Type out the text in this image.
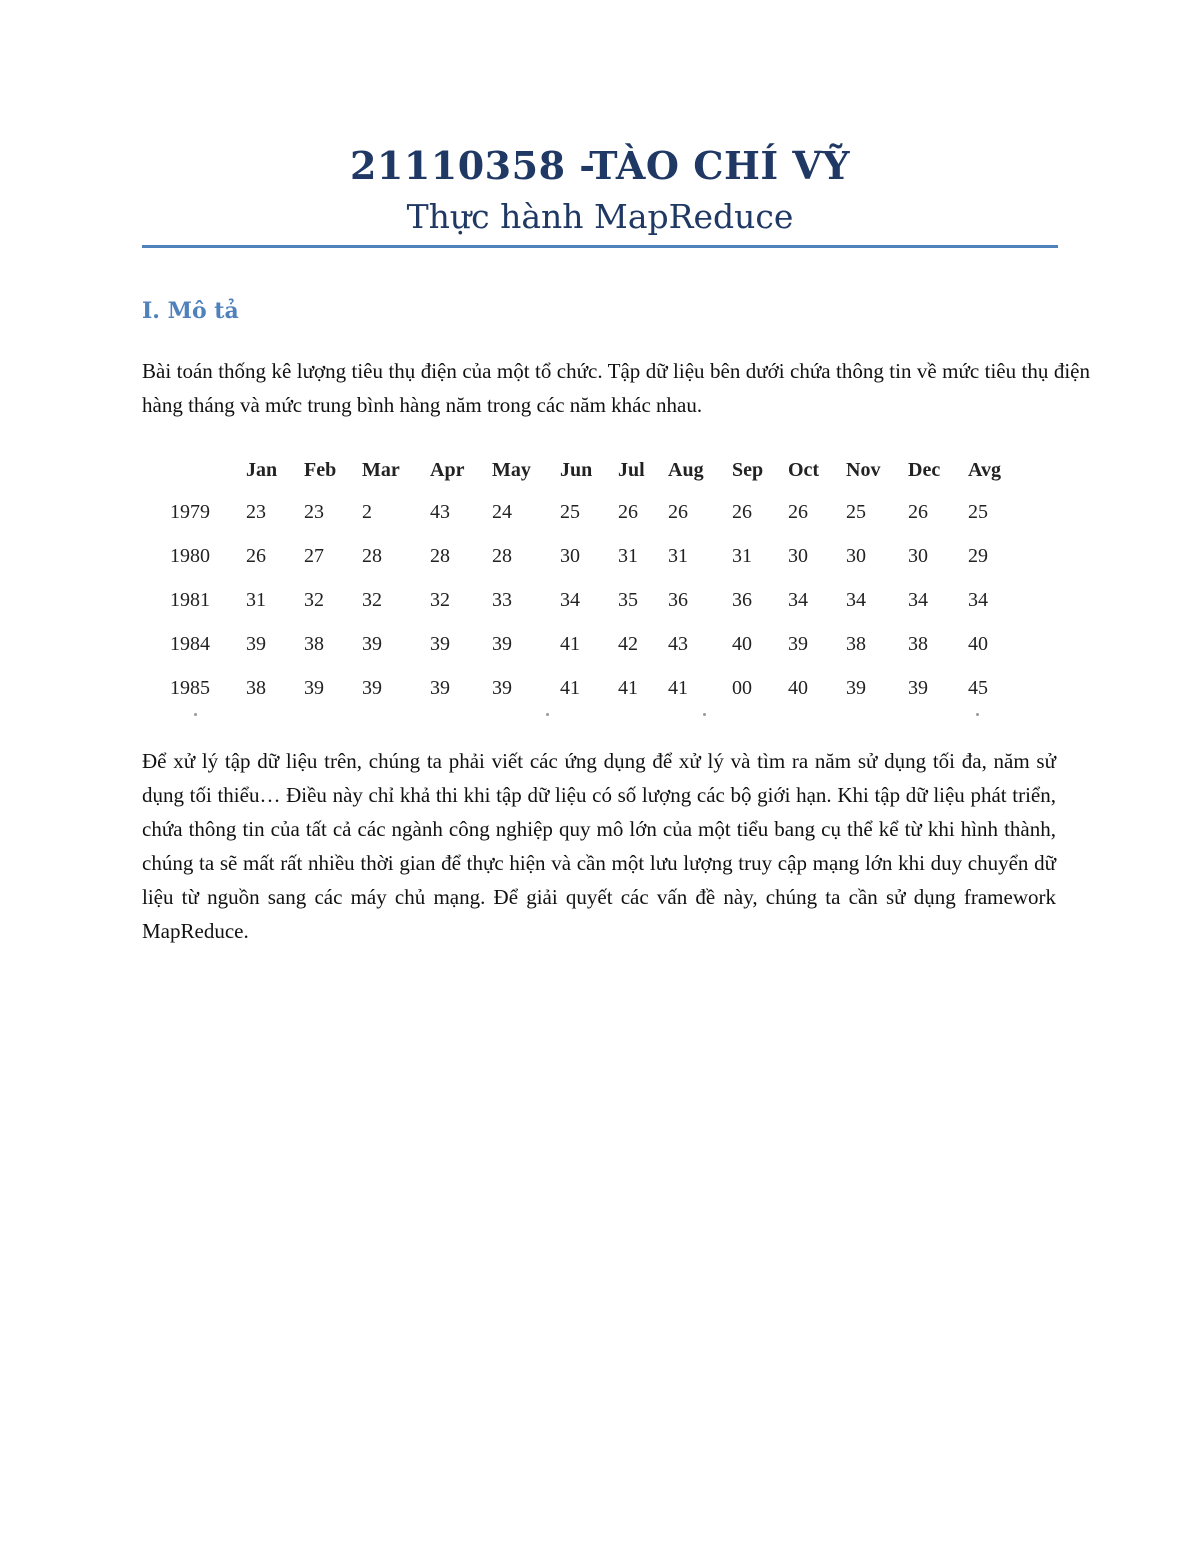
21110358 -TÀO CHÍ VỸ
Thực hành MapReduce
I. Mô tả

Bài toán thống kê lượng tiêu thụ điện của một tổ chức. Tập dữ liệu bên dưới chứa thông tin về mức tiêu thụ điện hàng tháng và mức trung bình hàng năm trong các năm khác nhau.

	Jan	Feb	Mar	Apr	May	Jun	Jul	Aug	Sep	Oct	Nov	Dec	Avg
1979	23	23	2	43	24	25	26	26	26	26	25	26	25
1980	26	27	28	28	28	30	31	31	31	30	30	30	29
1981	31	32	32	32	33	34	35	36	36	34	34	34	34
1984	39	38	39	39	39	41	42	43	40	39	38	38	40
1985	38	39	39	39	39	41	41	41	00	40	39	39	45

Để xử lý tập dữ liệu trên, chúng ta phải viết các ứng dụng để xử lý và tìm ra năm sử dụng tối đa, năm sử dụng tối thiểu… Điều này chỉ khả thi khi tập dữ liệu có số lượng các bộ giới hạn. Khi tập dữ liệu phát triển, chứa thông tin của tất cả các ngành công nghiệp quy mô lớn của một tiểu bang cụ thể kể từ khi hình thành, chúng ta sẽ mất rất nhiều thời gian để thực hiện và cần một lưu lượng truy cập mạng lớn khi duy chuyển dữ liệu từ nguồn sang các máy chủ mạng. Để giải quyết các vấn đề này, chúng ta cần sử dụng framework MapReduce.
